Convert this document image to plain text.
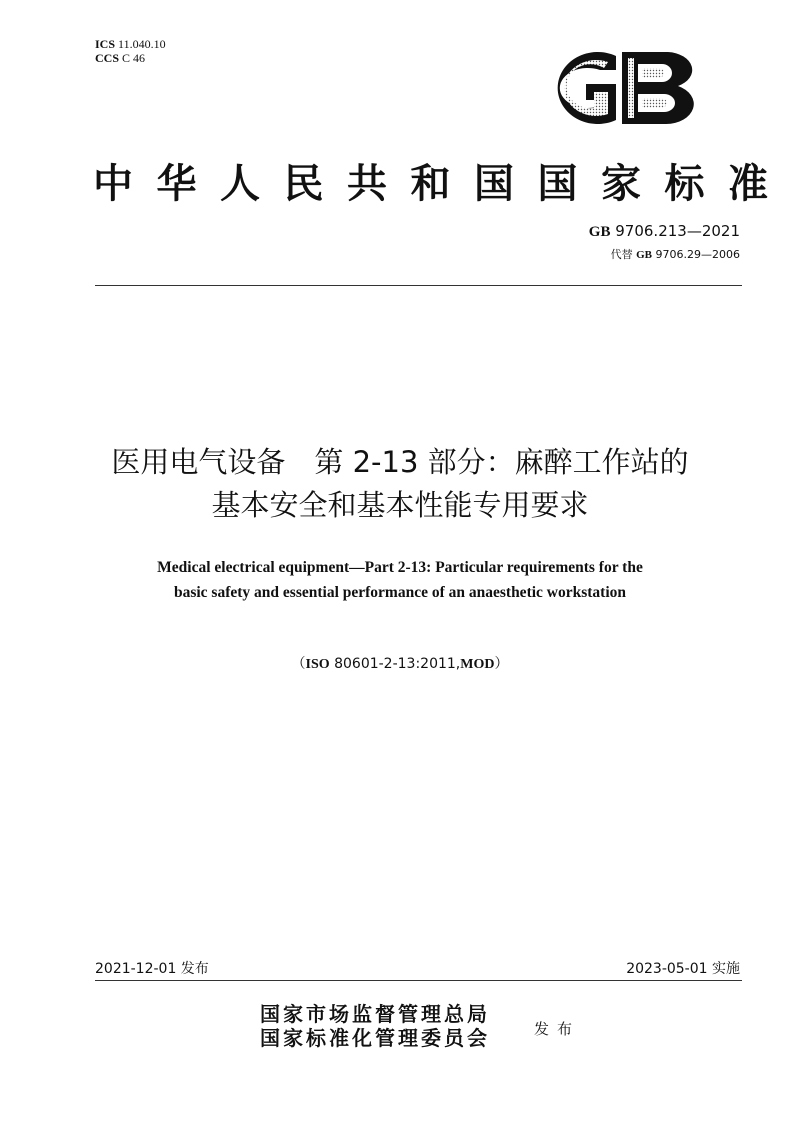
ICS 11.040.10
CCS C 46
中华人民共和国国家标准
GB 9706.213—2021
代替 GB 9706.29—2006
医用电气设备　第 2-13 部分：麻醉工作站的
基本安全和基本性能专用要求
Medical electrical equipment—Part 2-13: Particular requirements for the
basic safety and essential performance of an anaesthetic workstation
（ISO 80601-2-13:2011,MOD）
2021-12-01 发布	2023-05-01 实施
国家市场监督管理总局
国家标准化管理委员会	发布
